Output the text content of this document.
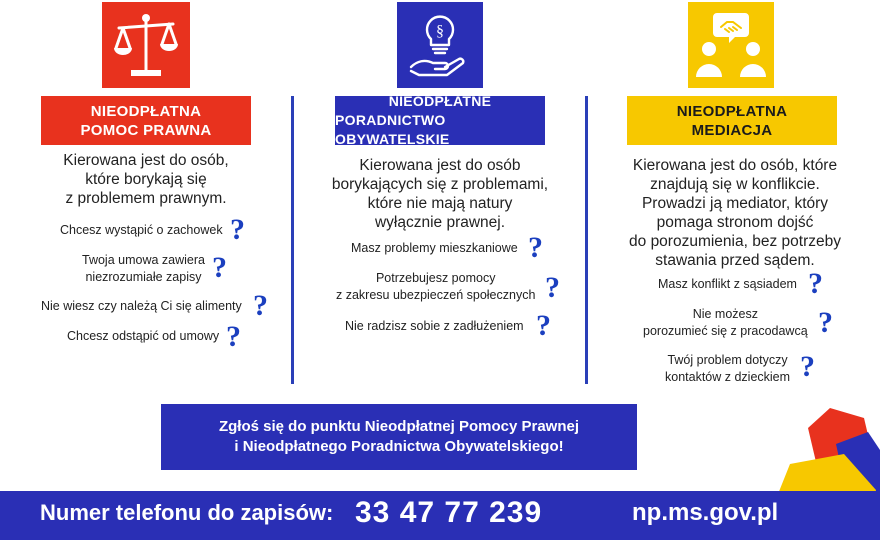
NIEODPŁATNA
POMOC PRAWNA
Kierowana jest do osób,
które borykają się
z problemem prawnym.
Chcesz wystąpić o zachowek ? ?
Twoja umowa zawiera
niezrozumiałe zapisy ? ?
Nie wiesz czy należą Ci się alimenty ? ?
Chcesz odstąpić od umowy ? ?
§
NIEODPŁATNE
PORADNICTWO OBYWATELSKIE
Kierowana jest do osób
borykających się z problemami,
które nie mają natury
wyłącznie prawnej.
Masz problemy mieszkaniowe ? ?
Potrzebujesz pomocy
z zakresu ubezpieczeń społecznych ? ?
Nie radzisz sobie z zadłużeniem ? ?
NIEODPŁATNA
MEDIACJA
Kierowana jest do osób, które
znajdują się w konflikcie.
Prowadzi ją mediator, który
pomaga stronom dojść
do porozumienia, bez potrzeby
stawania przed sądem.
Masz konflikt z sąsiadem ? ?
Nie możesz
porozumieć się z pracodawcą ? ?
Twój problem dotyczy
kontaktów z dzieckiem ? ?
Zgłoś się do punktu Nieodpłatnej Pomocy Prawnej
i Nieodpłatnego Poradnictwa Obywatelskiego!
Numer telefonu do zapisów: 33 47 77 239	np.ms.gov.pl
